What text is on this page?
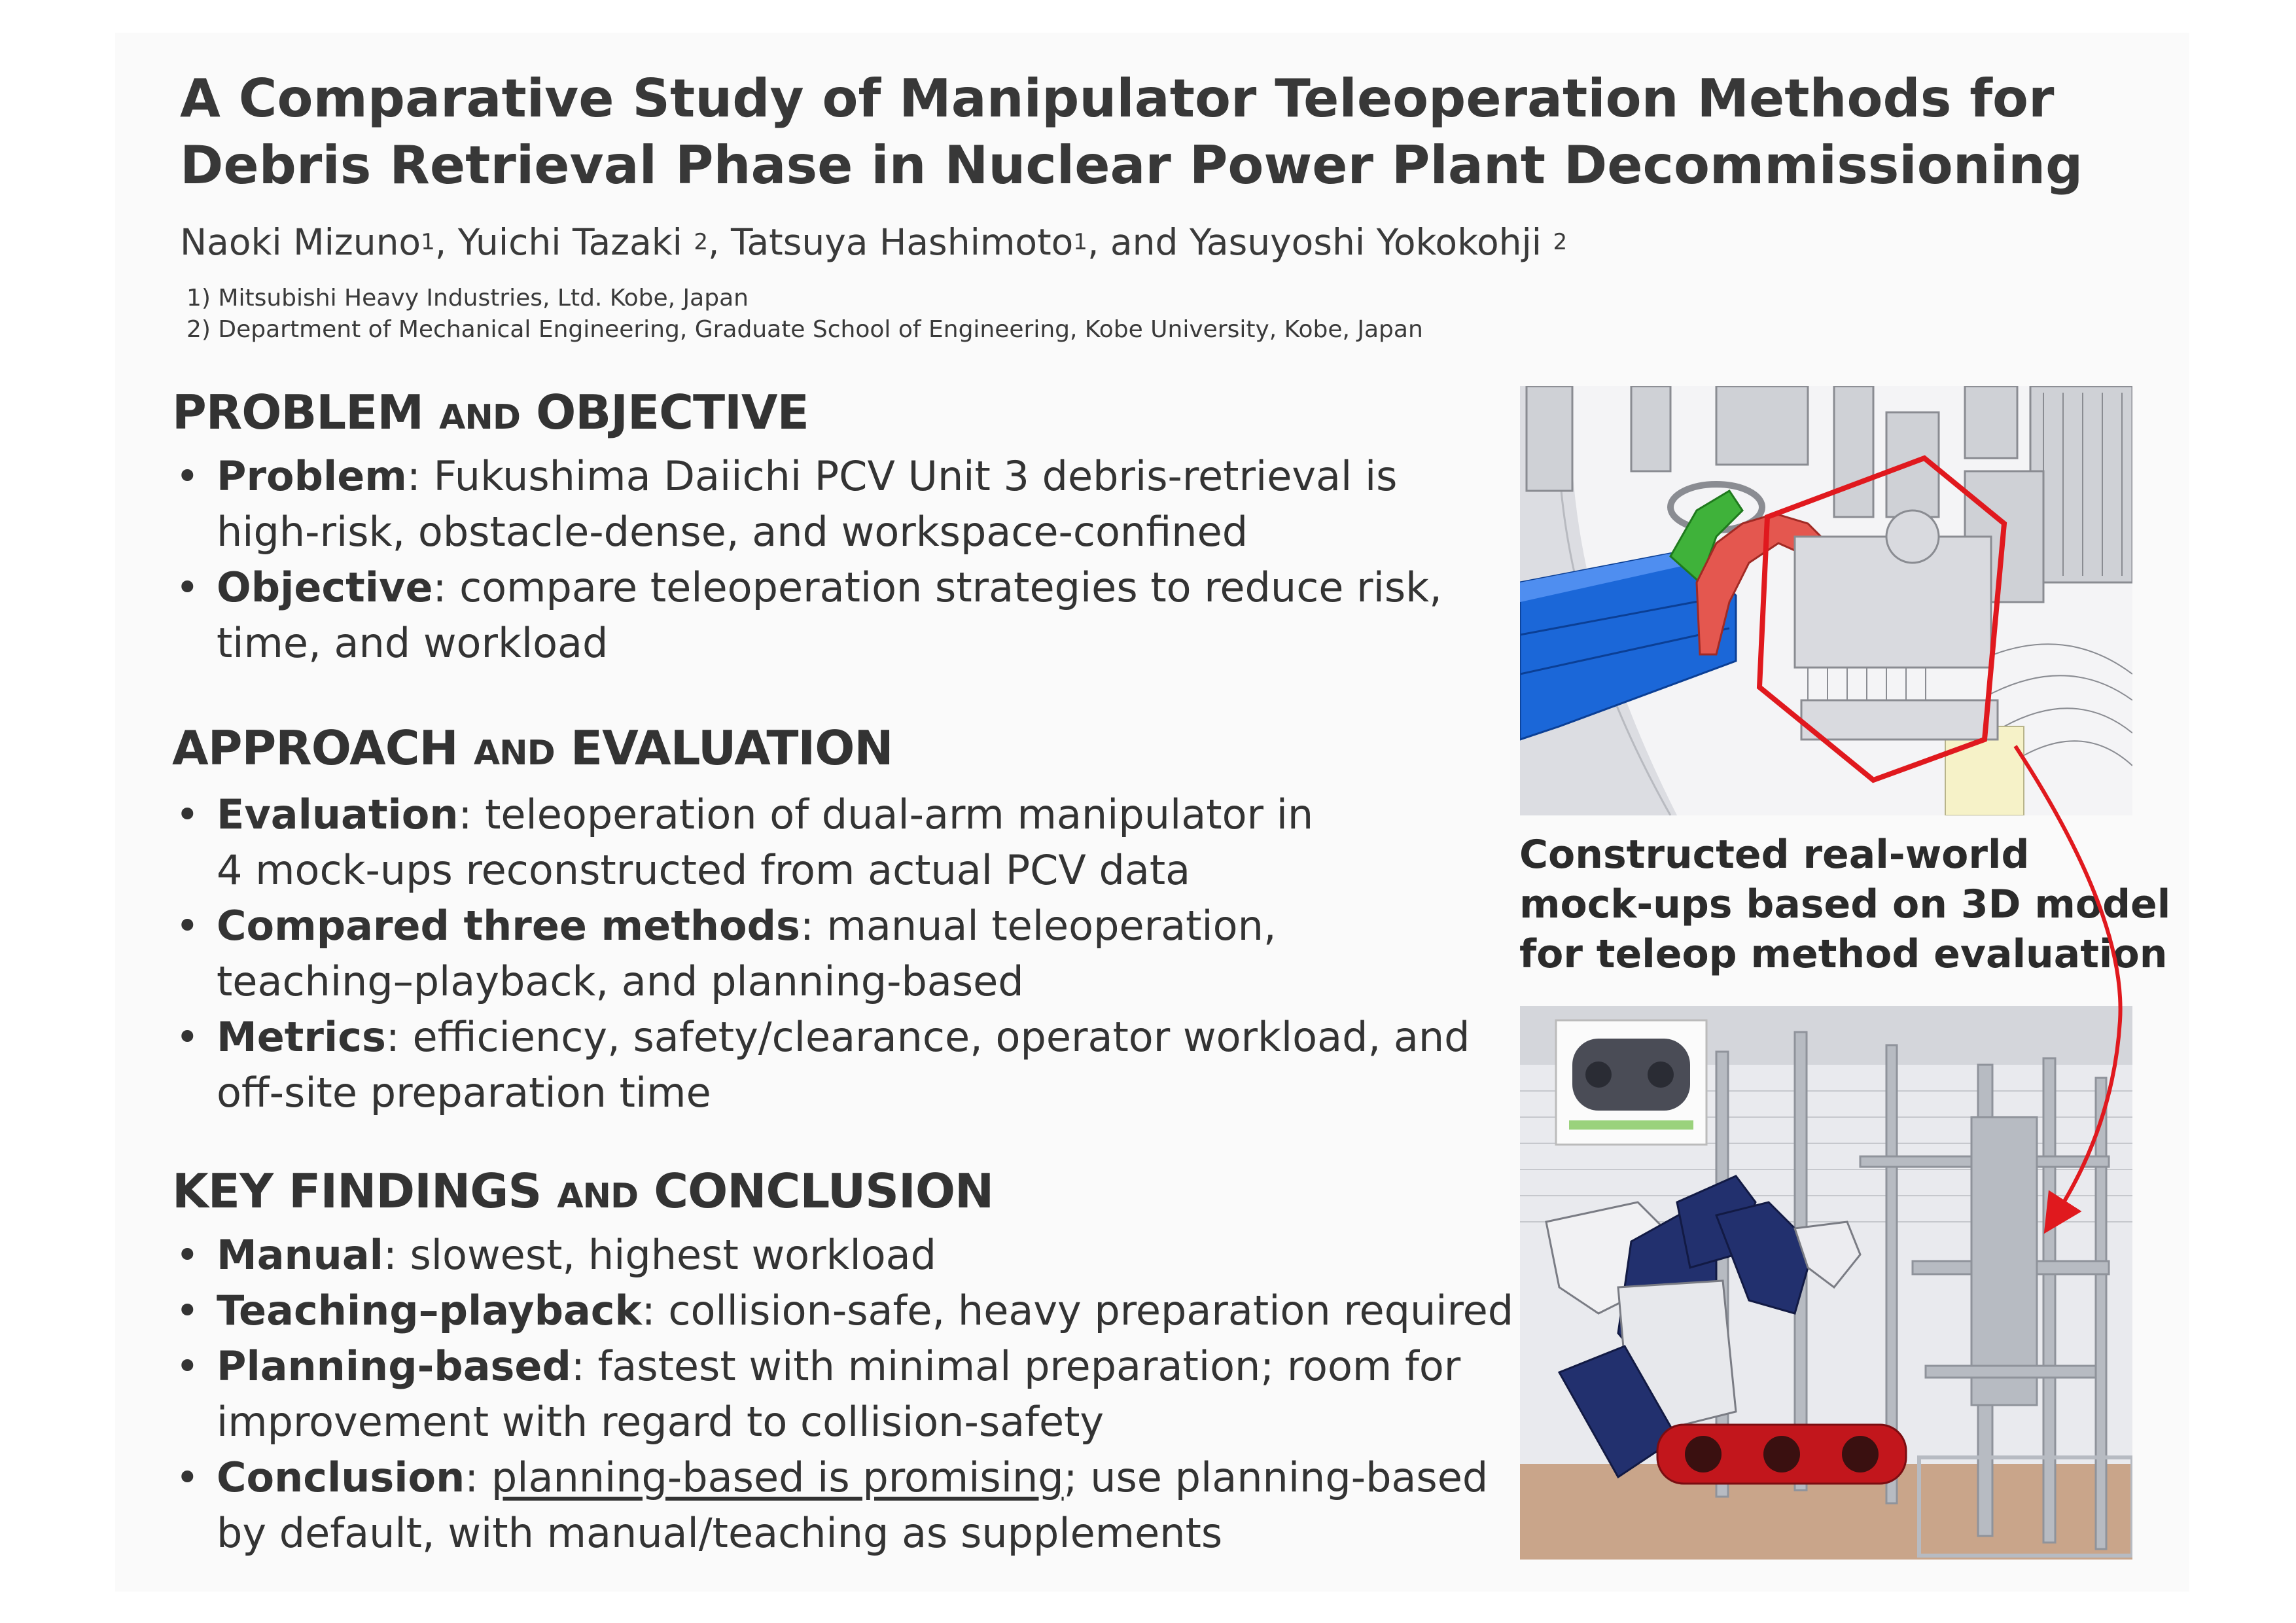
A Comparative Study of Manipulator Teleoperation Methods for
Debris Retrieval Phase in Nuclear Power Plant Decommissioning
Naoki Mizuno$^1$, Yuichi Tazaki $^2$, Tatsuya Hashimoto$^1$, and Yasuyoshi Yokokohji $^2$
1) Mitsubishi Heavy Industries, Ltd. Kobe, Japan
2) Department of Mechanical Engineering, Graduate School of Engineering, Kobe University, Kobe, Japan
PROBLEM AND OBJECTIVE
• Problem: Fukushima Daiichi PCV Unit 3 debris-retrieval is
high-risk, obstacle-dense, and workspace-confined
• Objective: compare teleoperation strategies to reduce risk,
time, and workload
APPROACH AND EVALUATION
• Evaluation: teleoperation of dual-arm manipulator in
4 mock-ups reconstructed from actual PCV data
• Compared three methods: manual teleoperation,
teaching–playback, and planning-based
• Metrics: efficiency, safety/clearance, operator workload, and
off-site preparation time
KEY FINDINGS AND CONCLUSION
• Manual: slowest, highest workload
• Teaching–playback: collision-safe, heavy preparation required
• Planning-based: fastest with minimal preparation; room for
improvement with regard to collision-safety
• Conclusion: planning-based is promising; use planning-based
by default, with manual/teaching as supplements

Constructed real-world
mock-ups based on 3D model
for teleop method evaluation
